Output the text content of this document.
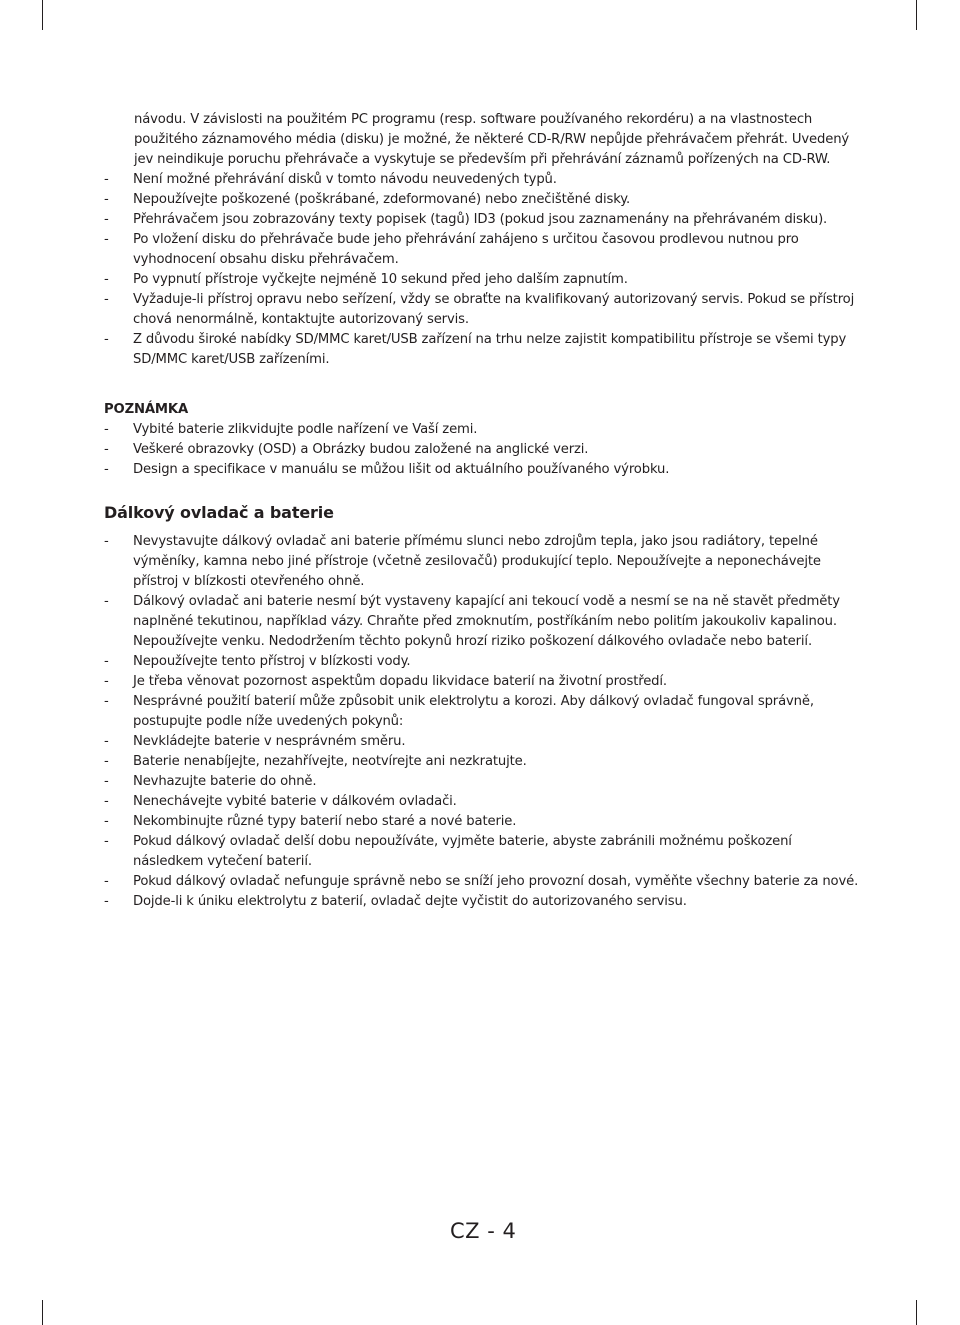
návodu. V závislosti na použitém PC programu (resp. software používaného rekordéru) a na vlastnostech použitého záznamového média (disku) je možné, že některé CD-R/RW nepůjde přehrávačem přehrát. Uvedený jev neindikuje poruchu přehrávače a vyskytuje se především při přehrávání záznamů pořízených na CD-RW.

- Není možné přehrávání disků v tomto návodu neuvedených typů.
- Nepoužívejte poškozené (poškrábané, zdeformované) nebo znečištěné disky.
- Přehrávačem jsou zobrazovány texty popisek (tagů) ID3 (pokud jsou zaznamenány na přehrávaném disku).
- Po vložení disku do přehrávače bude jeho přehrávání zahájeno s určitou časovou prodlevou nutnou pro vyhodnocení obsahu disku přehrávačem.
- Po vypnutí přístroje vyčkejte nejméně 10 sekund před jeho dalším zapnutím.
- Vyžaduje-li přístroj opravu nebo seřízení, vždy se obraťte na kvalifikovaný autorizovaný servis. Pokud se přístroj chová nenormálně, kontaktujte autorizovaný servis.
- Z důvodu široké nabídky SD/MMC karet/USB zařízení na trhu nelze zajistit kompatibilitu přístroje se všemi typy SD/MMC karet/USB zařízeními.
POZNÁMKA
- Vybité baterie zlikvidujte podle nařízení ve Vaší zemi.
- Veškeré obrazovky (OSD) a Obrázky budou založené na anglické verzi.
- Design a specifikace v manuálu se můžou lišit od aktuálního používaného výrobku.
Dálkový ovladač a baterie
- Nevystavujte dálkový ovladač ani baterie přímému slunci nebo zdrojům tepla, jako jsou radiátory, tepelné výměníky, kamna nebo jiné přístroje (včetně zesilovačů) produkující teplo. Nepoužívejte a neponechávejte přístroj v blízkosti otevřeného ohně.
- Dálkový ovladač ani baterie nesmí být vystaveny kapající ani tekoucí vodě a nesmí se na ně stavět předměty naplněné tekutinou, například vázy. Chraňte před zmoknutím, postříkáním nebo politím jakoukoliv kapalinou. Nepoužívejte venku. Nedodržením těchto pokynů hrozí riziko poškození dálkového ovladače nebo baterií.
- Nepoužívejte tento přístroj v blízkosti vody.
- Je třeba věnovat pozornost aspektům dopadu likvidace baterií na životní prostředí.
- Nesprávné použití baterií může způsobit unik elektrolytu a korozi. Aby dálkový ovladač fungoval správně, postupujte podle níže uvedených pokynů:
- Nevkládejte baterie v nesprávném směru.
- Baterie nenabíjejte, nezahřívejte, neotvírejte ani nezkratujte.
- Nevhazujte baterie do ohně.
- Nenechávejte vybité baterie v dálkovém ovladači.
- Nekombinujte různé typy baterií nebo staré a nové baterie.
- Pokud dálkový ovladač delší dobu nepoužíváte, vyjměte baterie, abyste zabránili možnému poškození následkem vytečení baterií.
- Pokud dálkový ovladač nefunguje správně nebo se sníží jeho provozní dosah, vyměňte všechny baterie za nové.
- Dojde-li k úniku elektrolytu z baterií, ovladač dejte vyčistit do autorizovaného servisu.
CZ - 4
